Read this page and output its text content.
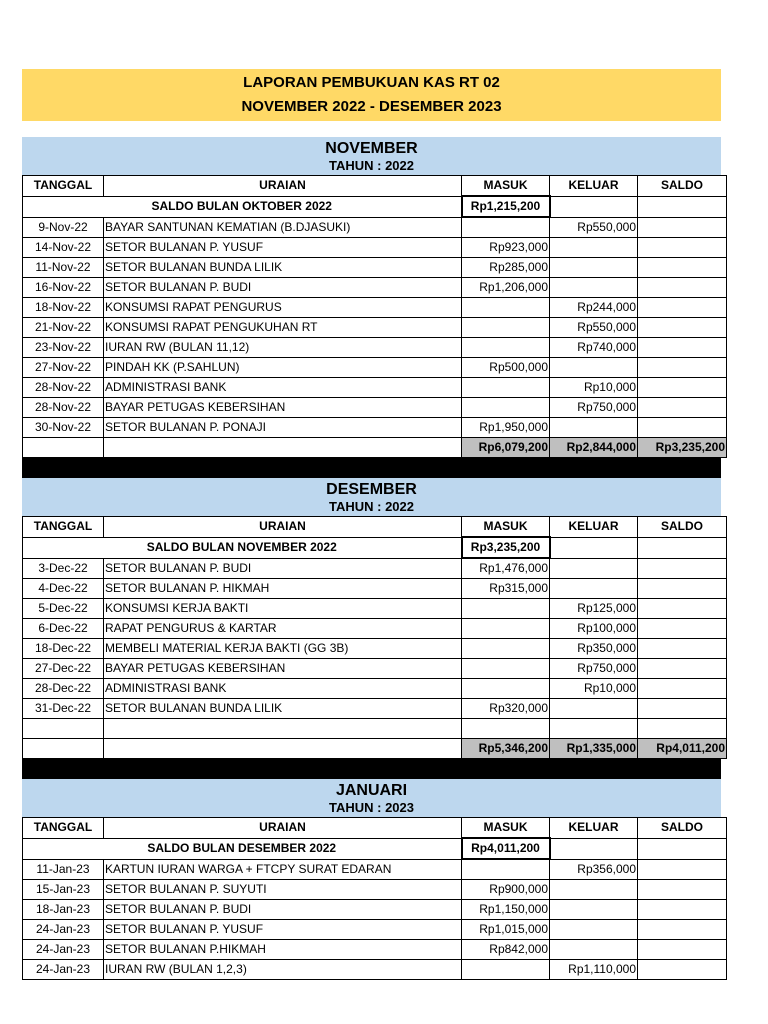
LAPORAN PEMBUKUAN KAS RT 02
NOVEMBER 2022 - DESEMBER 2023
NOVEMBER
TAHUN : 2022
TANGGAL	URAIAN	MASUK	KELUAR	SALDO
SALDO BULAN OKTOBER 2022		Rp1,215,200		
9-Nov-22	BAYAR SANTUNAN KEMATIAN (B.DJASUKI)		Rp550,000	
14-Nov-22	SETOR BULANAN P. YUSUF	Rp923,000		
11-Nov-22	SETOR BULANAN BUNDA LILIK	Rp285,000		
16-Nov-22	SETOR BULANAN P. BUDI	Rp1,206,000		
18-Nov-22	KONSUMSI RAPAT PENGURUS		Rp244,000	
21-Nov-22	KONSUMSI RAPAT PENGUKUHAN RT		Rp550,000	
23-Nov-22	IURAN RW (BULAN 11,12)		Rp740,000	
27-Nov-22	PINDAH KK (P.SAHLUN)	Rp500,000		
28-Nov-22	ADMINISTRASI BANK		Rp10,000	
28-Nov-22	BAYAR PETUGAS KEBERSIHAN		Rp750,000	
30-Nov-22	SETOR BULANAN P. PONAJI	Rp1,950,000		
		Rp6,079,200	Rp2,844,000	Rp3,235,200
DESEMBER
TAHUN : 2022
TANGGAL	URAIAN	MASUK	KELUAR	SALDO
SALDO BULAN NOVEMBER 2022		Rp3,235,200		
3-Dec-22	SETOR BULANAN P. BUDI	Rp1,476,000		
4-Dec-22	SETOR BULANAN P. HIKMAH	Rp315,000		
5-Dec-22	KONSUMSI KERJA BAKTI		Rp125,000	
6-Dec-22	RAPAT PENGURUS & KARTAR		Rp100,000	
18-Dec-22	MEMBELI MATERIAL KERJA BAKTI (GG 3B)		Rp350,000	
27-Dec-22	BAYAR PETUGAS KEBERSIHAN		Rp750,000	
28-Dec-22	ADMINISTRASI BANK		Rp10,000	
31-Dec-22	SETOR BULANAN BUNDA LILIK	Rp320,000		

		Rp5,346,200	Rp1,335,000	Rp4,011,200
JANUARI
TAHUN : 2023
TANGGAL	URAIAN	MASUK	KELUAR	SALDO
SALDO BULAN DESEMBER 2022		Rp4,011,200		
11-Jan-23	KARTUN IURAN WARGA + FTCPY SURAT EDARAN		Rp356,000	
15-Jan-23	SETOR BULANAN P. SUYUTI	Rp900,000		
18-Jan-23	SETOR BULANAN P. BUDI	Rp1,150,000		
24-Jan-23	SETOR BULANAN P. YUSUF	Rp1,015,000		
24-Jan-23	SETOR BULANAN P.HIKMAH	Rp842,000		
24-Jan-23	IURAN RW (BULAN 1,2,3)		Rp1,110,000	
